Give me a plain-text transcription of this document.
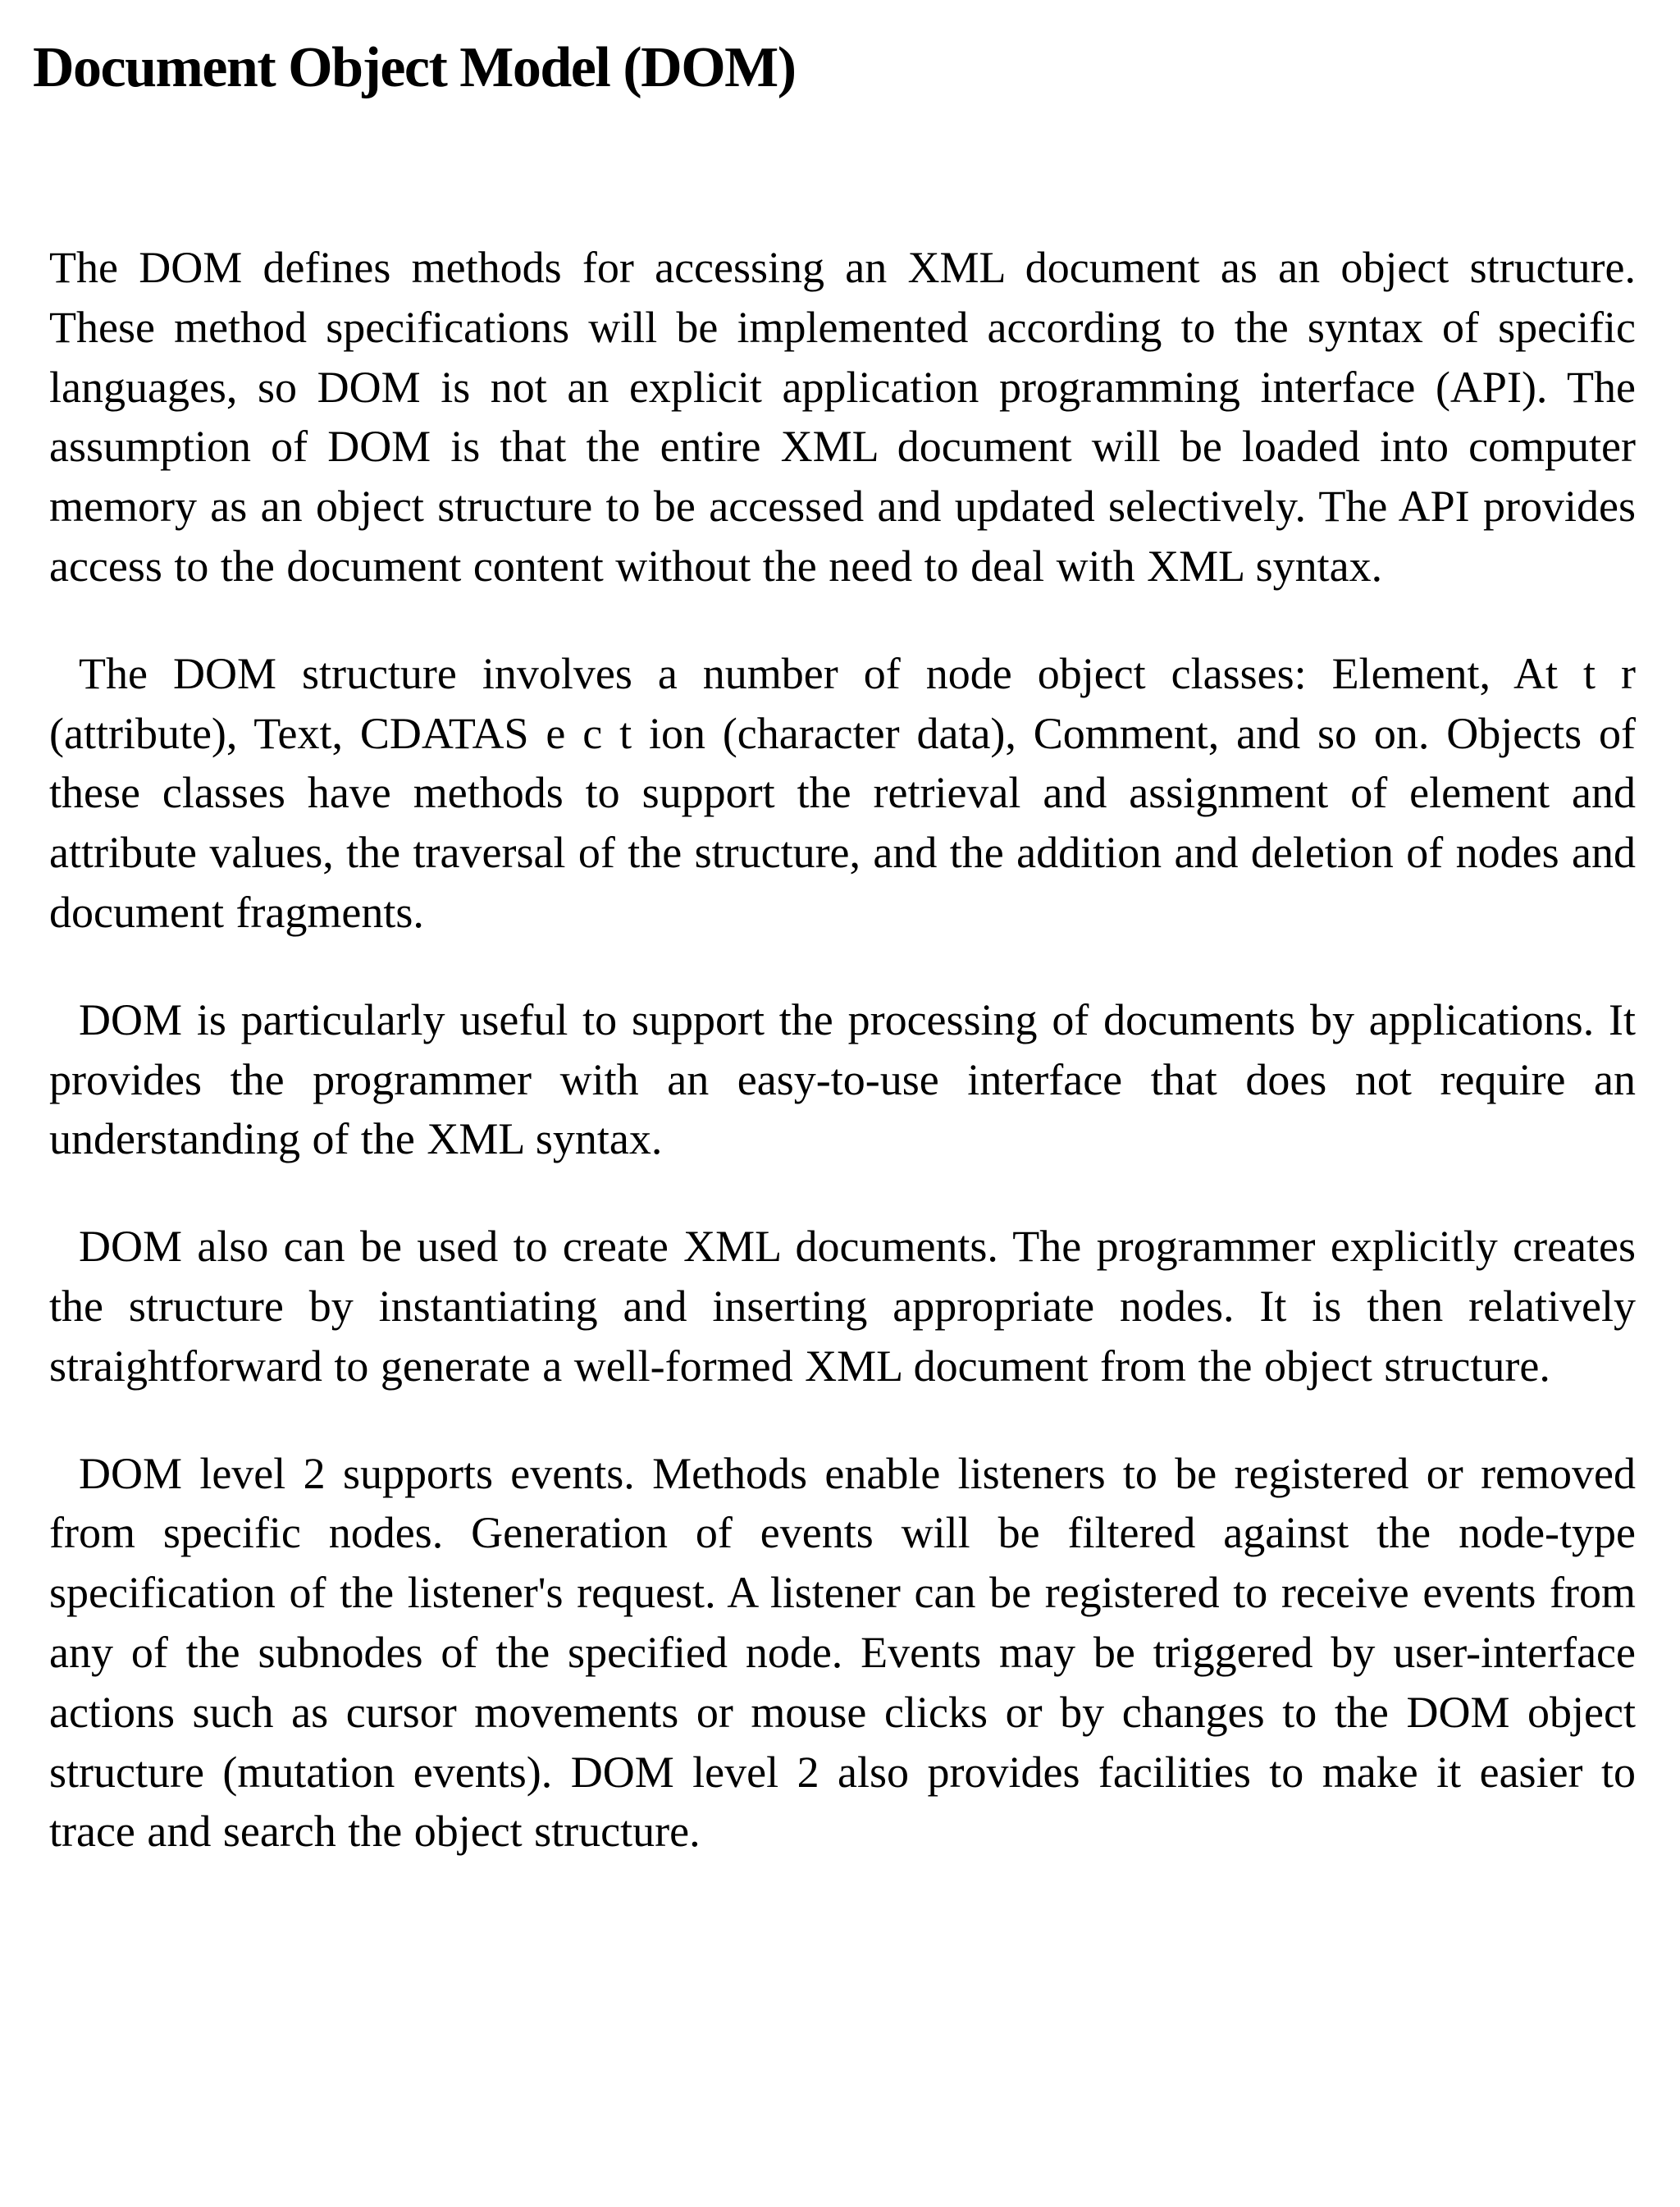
Document Object Model (DOM)

The DOM defines methods for accessing an XML document as an object structure. These method specifications will be implemented according to the syntax of specific languages, so DOM is not an explicit application programming interface (API). The assumption of DOM is that the entire XML document will be loaded into computer memory as an object structure to be accessed and updated selectively. The API provides access to the document content without the need to deal with XML syntax.

The DOM structure involves a number of node object classes: Element, At t r (attribute), Text, CDATAS e c t ion (character data), Comment, and so on. Objects of these classes have methods to support the retrieval and assignment of element and attribute values, the traversal of the structure, and the addition and deletion of nodes and document fragments.

DOM is particularly useful to support the processing of documents by applications. It provides the programmer with an easy-to-use interface that does not require an understanding of the XML syntax.

DOM also can be used to create XML documents. The programmer explicitly creates the structure by instantiating and inserting appropriate nodes. It is then relatively straightforward to generate a well-formed XML document from the object structure.

DOM level 2 supports events. Methods enable listeners to be registered or removed from specific nodes. Generation of events will be filtered against the node-type specification of the listener's request. A listener can be registered to receive events from any of the subnodes of the specified node. Events may be triggered by user-interface actions such as cursor movements or mouse clicks or by changes to the DOM object structure (mutation events). DOM level 2 also provides facilities to make it easier to trace and search the object structure.
